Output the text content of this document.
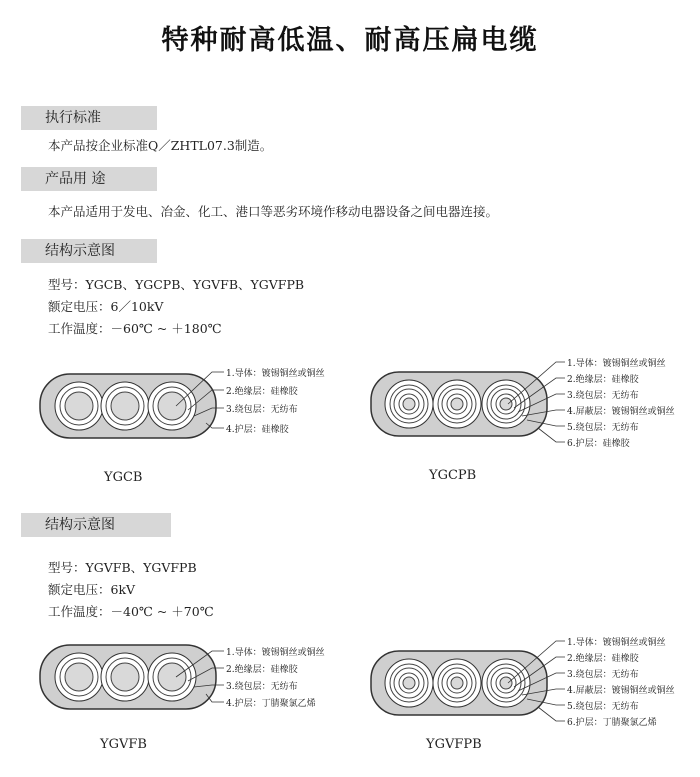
特种耐高低温、耐高压扁电缆
执行标准
本产品按企业标准Q／ZHTL07.3制造。
产品用 途
本产品适用于发电、冶金、化工、港口等恶劣环境作移动电器设备之间电器连接。
结构示意图
型号：YGCB、YGCPB、YGVFB、YGVFPB
额定电压：6／10kV
工作温度：－60℃ ~ ＋180℃
结构示意图
型号：YGVFB、YGVFPB
额定电压：6kV
工作温度：－40℃ ~ ＋70℃
1.导体：镀锡铜丝或铜丝
2.绝缘层：硅橡胶
3.绕包层：无纺布
4.护层：硅橡胶
1.导体：镀锡铜丝或铜丝
2.绝缘层：硅橡胶
3.绕包层：无纺布
4.屏蔽层：镀锡铜丝或铜丝
5.绕包层：无纺布
6.护层：硅橡胶
1.导体：镀锡铜丝或铜丝
2.绝缘层：硅橡胶
3.绕包层：无纺布
4.护层：丁腈聚氯乙烯
1.导体：镀锡铜丝或铜丝
2.绝缘层：硅橡胶
3.绕包层：无纺布
4.屏蔽层：镀锡铜丝或铜丝
5.绕包层：无纺布
6.护层：丁腈聚氯乙烯
YGCB	YGCPB
YGVFB	YGVFPB
